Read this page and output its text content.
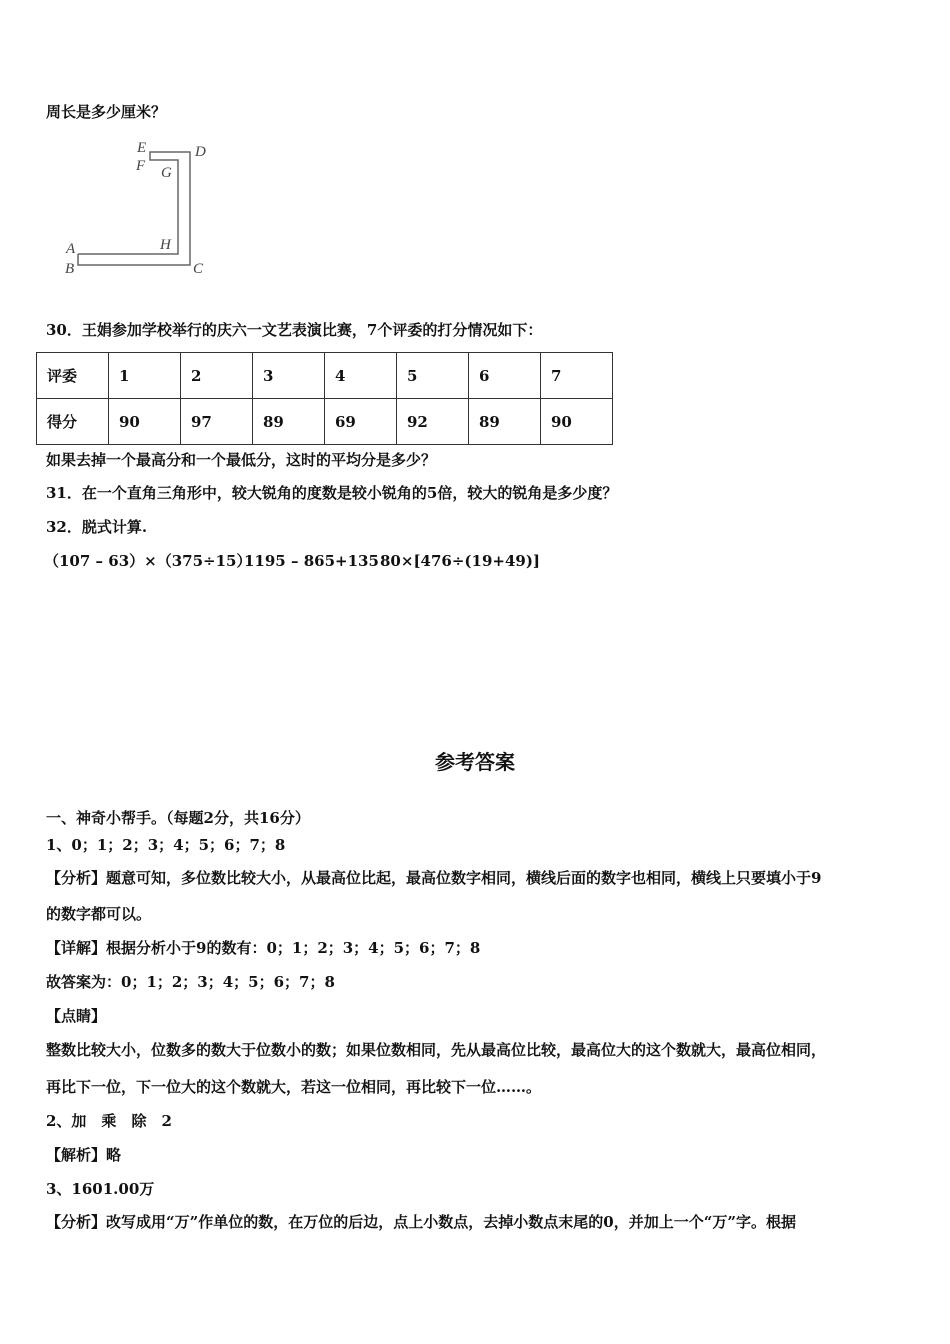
周长是多少厘米？
E
F
D
G
H
A
B	C
30．王娟参加学校举行的庆六一文艺表演比赛，7个评委的打分情况如下：
评委	1	2	3	4	5	6	7
得分	90	97	89	69	92	89	90
如果去掉一个最高分和一个最低分，这时的平均分是多少？
31．在一个直角三角形中，较大锐角的度数是较小锐角的5倍，较大的锐角是多少度？
32．脱式计算.
（107 – 63）×（375÷15）
1195 – 865+135 80×[476÷(19+49)]
参考答案
一、神奇小帮手。（每题2分，共16分）
1、0；1；2；3；4；5；6；7；8
【分析】题意可知，多位数比较大小，从最高位比起，最高位数字相同，横线后面的数字也相同，横线上只要填小于9
的数字都可以。
【详解】根据分析小于9的数有：0；1；2；3；4；5；6；7；8
故答案为：0；1；2；3；4；5；6；7；8
【点睛】
整数比较大小，位数多的数大于位数小的数；如果位数相同，先从最高位比较，最高位大的这个数就大，最高位相同，
再比下一位，下一位大的这个数就大，若这一位相同，再比较下一位……。
2、加　乘　除　2
【解析】略
3、1601.00万
【分析】改写成用“万”作单位的数，在万位的后边，点上小数点，去掉小数点末尾的0，并加上一个“万”字。根据
